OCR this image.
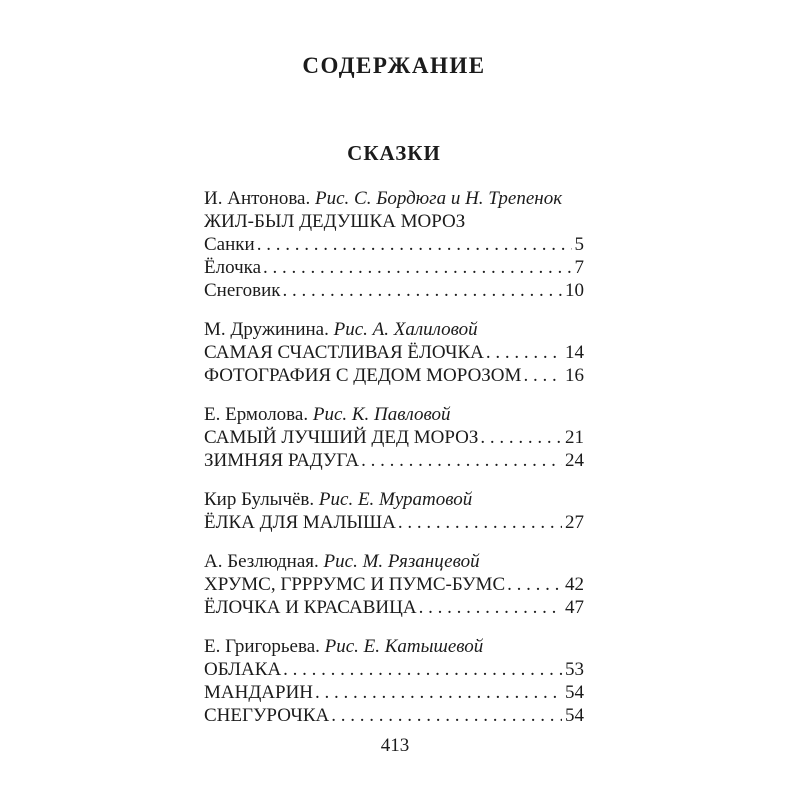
СОДЕРЖАНИЕ
СКАЗКИ
И. Антонова. Рис. С. Бордюга и Н. Трепенок
ЖИЛ-БЫЛ ДЕДУШКА МОРОЗ
Санки . . .	5
Ёлочка . . .	7
Снеговик . . .	10
М. Дружинина. Рис. А. Халиловой
САМАЯ СЧАСТЛИВАЯ ЁЛОЧКА . . .	14
ФОТОГРАФИЯ С ДЕДОМ МОРОЗОМ . . . 16
Е. Ермолова. Рис. К. Павловой
САМЫЙ ЛУЧШИЙ ДЕД МОРОЗ . . .	21
ЗИМНЯЯ РАДУГА . . .	24
Кир Булычёв. Рис. Е. Муратовой
ЁЛКА ДЛЯ МАЛЫША . . .	27
А. Безлюдная. Рис. М. Рязанцевой
ХРУМС, ГРРРУМС И ПУМС-БУМС . . .	42
ЁЛОЧКА И КРАСАВИЦА . . .	47
Е. Григорьева. Рис. Е. Катышевой
ОБЛАКА . . .	53
МАНДАРИН . . .	54
СНЕГУРОЧКА . . .	54
413
